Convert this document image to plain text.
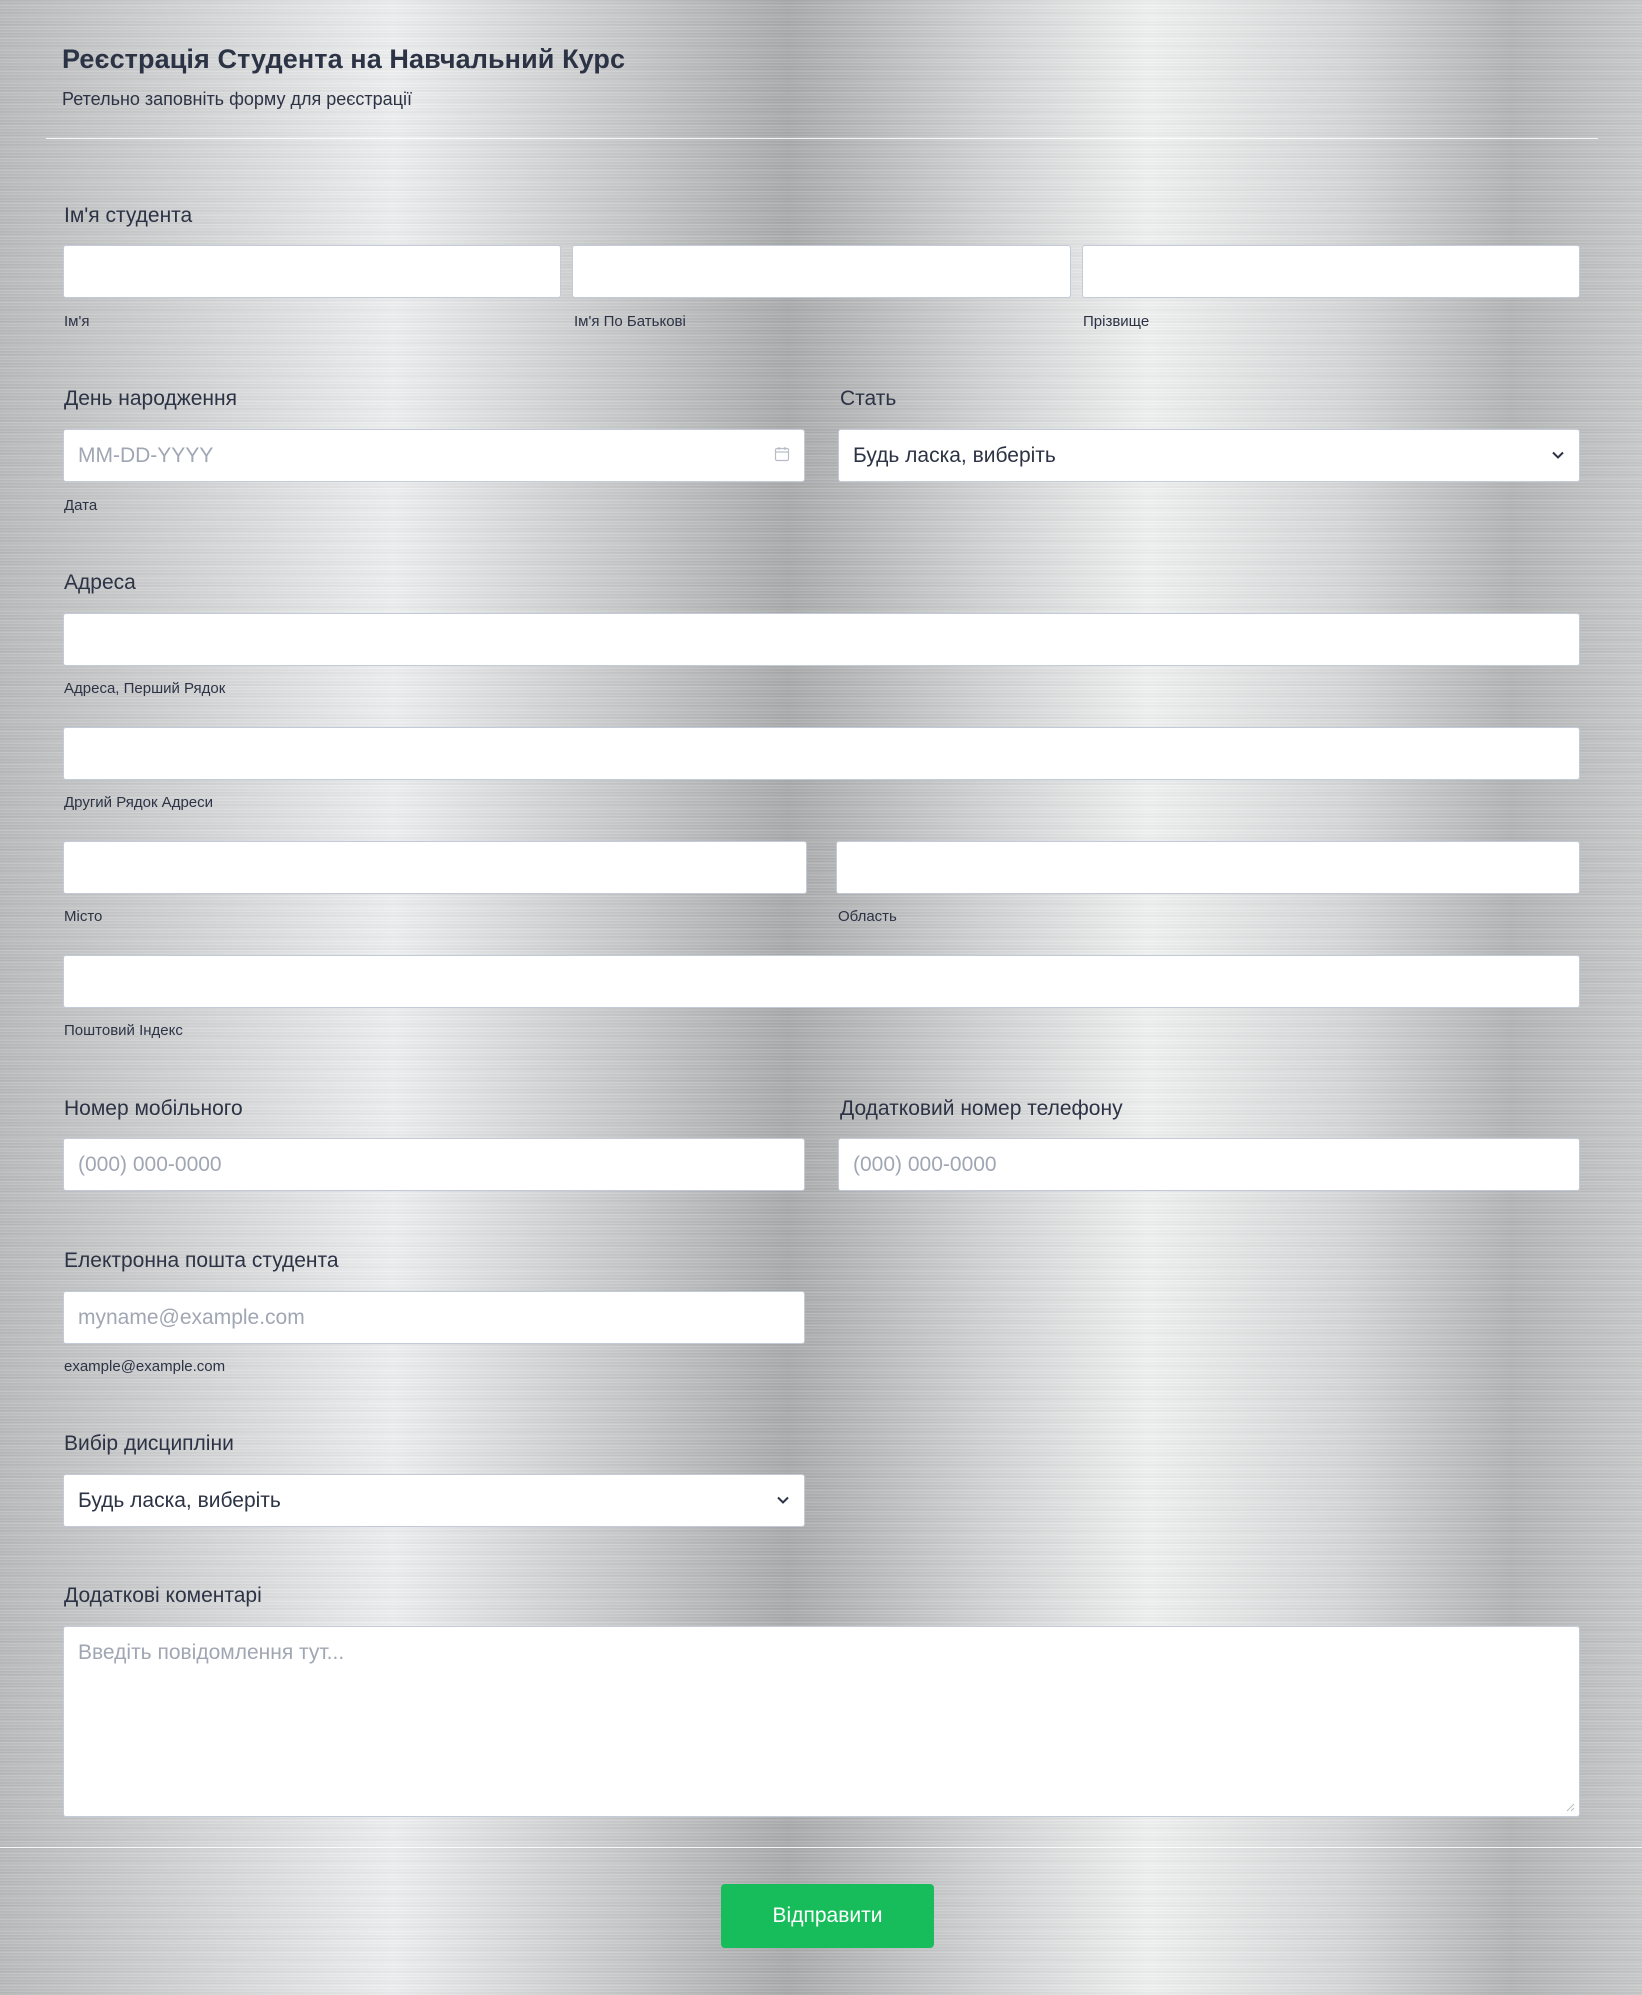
Реєстрація Студента на Навчальний Курс
Ретельно заповніть форму для реєстрації
Ім'я студента
Ім'я	Ім'я По Батькові	Прізвище
День народження
MM-DD-YYYY
Дата
Стать
Будь ласка, виберіть
Адреса
Адреса, Перший Рядок
Другий Рядок Адреси
Місто	Область
Поштовий Індекс
Номер мобільного
(000) 000-0000
Додатковий номер телефону
(000) 000-0000
Електронна пошта студента
myname@example.com
example@example.com
Вибір дисципліни
Будь ласка, виберіть
Додаткові коментарі
Введіть повідомлення тут...
Відправити
